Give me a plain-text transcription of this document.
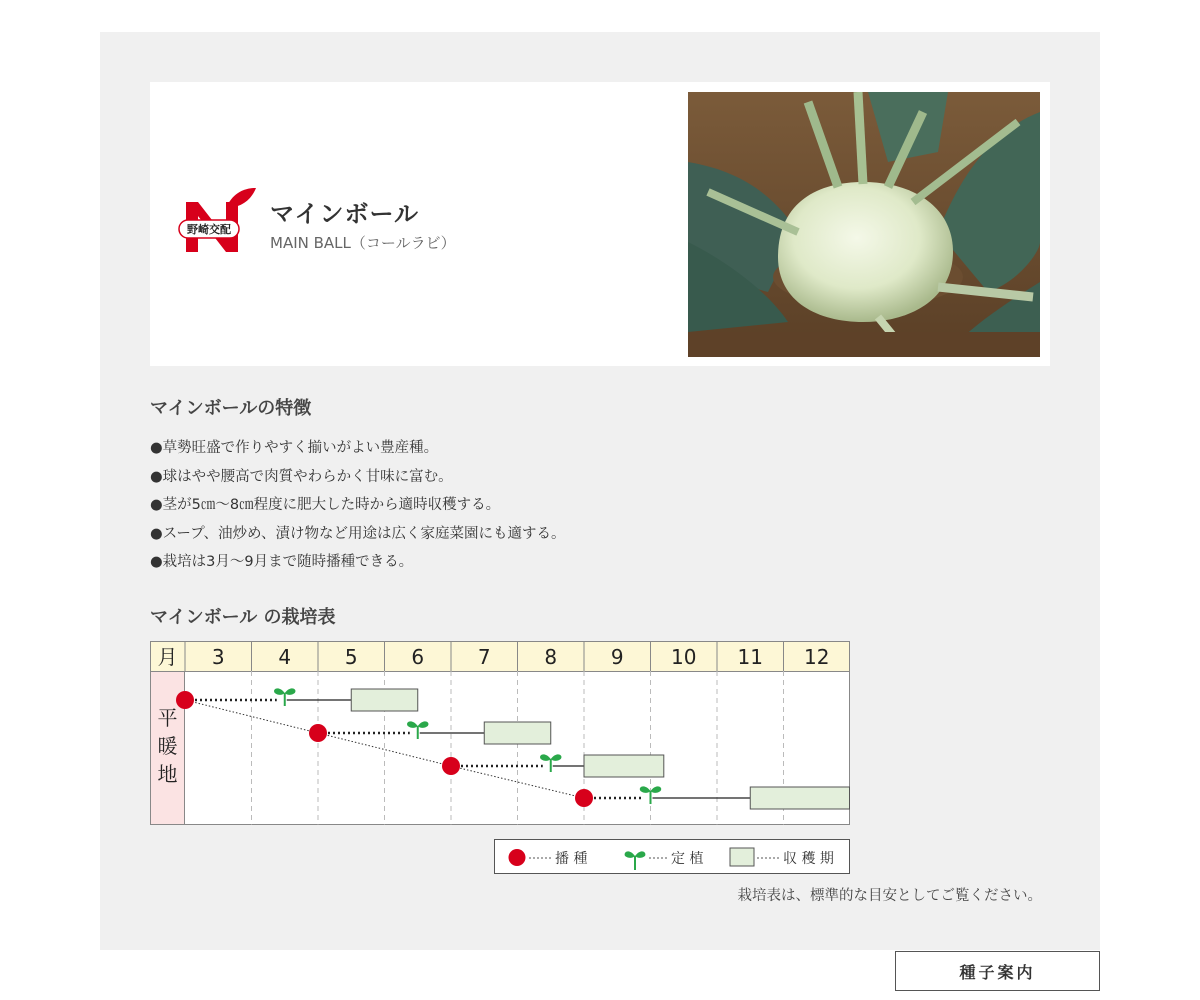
野崎交配
マインボール
MAIN BALL（コールラビ）
マインボールの特徴
●草勢旺盛で作りやすく揃いがよい豊産種。
●球はやや腰高で肉質やわらかく甘味に富む。
●茎が5㎝〜8㎝程度に肥大した時から適時収穫する。
●スープ、油炒め、漬け物など用途は広く家庭菜園にも適する。
●栽培は3月〜9月まで随時播種できる。
マインボール の栽培表
月 3	4	5	6	7	8	9 10 11 12
平
暖
地
播 種	定 植	収 穫 期
栽培表は、標準的な目安としてご覧ください。
種子案内
